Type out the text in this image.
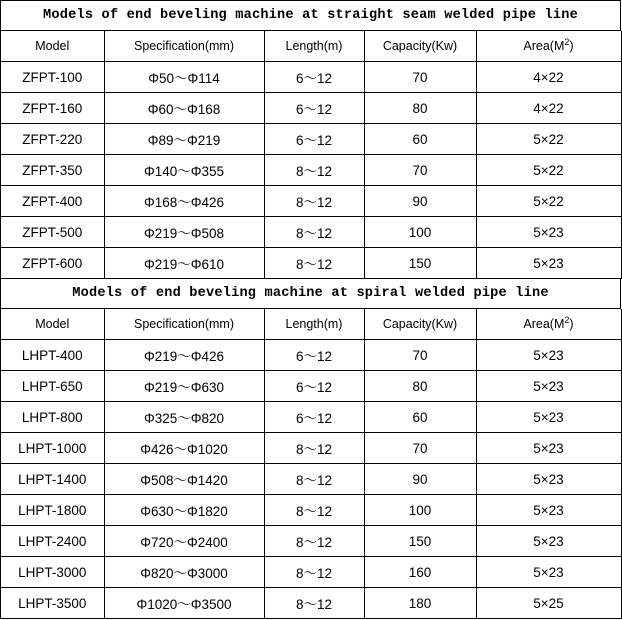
Models of end beveling machine at straight seam welded pipe line
Model	Specification(mm)	Length(m)	Capacity(Kw)	$Area(M^2)$
ZFPT-100	Φ50～Φ114	6～12	70	4×22
ZFPT-160	Φ60～Φ168	6～12	80	4×22
ZFPT-220	Φ89～Φ219	6～12	60	5×22
ZFPT-350	Φ140～Φ355	8～12	70	5×22
ZFPT-400	Φ168～Φ426	8～12	90	5×22
ZFPT-500	Φ219～Φ508	8～12	100	5×23
ZFPT-600	Φ219～Φ610	8～12	150	5×23
Models of end beveling machine at spiral welded pipe line
Model	Specification(mm)	Length(m)	Capacity(Kw)	$Area(M^2)$
LHPT-400	Φ219～Φ426	6～12	70	5×23
LHPT-650	Φ219～Φ630	6～12	80	5×23
LHPT-800	Φ325～Φ820	6～12	60	5×23
LHPT-1000	Φ426～Φ1020	8～12	70	5×23
LHPT-1400	Φ508～Φ1420	8～12	90	5×23
LHPT-1800	Φ630～Φ1820	8～12	100	5×23
LHPT-2400	Φ720～Φ2400	8～12	150	5×23
LHPT-3000	Φ820～Φ3000	8～12	160	5×23
LHPT-3500	Φ1020～Φ3500	8～12	180	5×25
